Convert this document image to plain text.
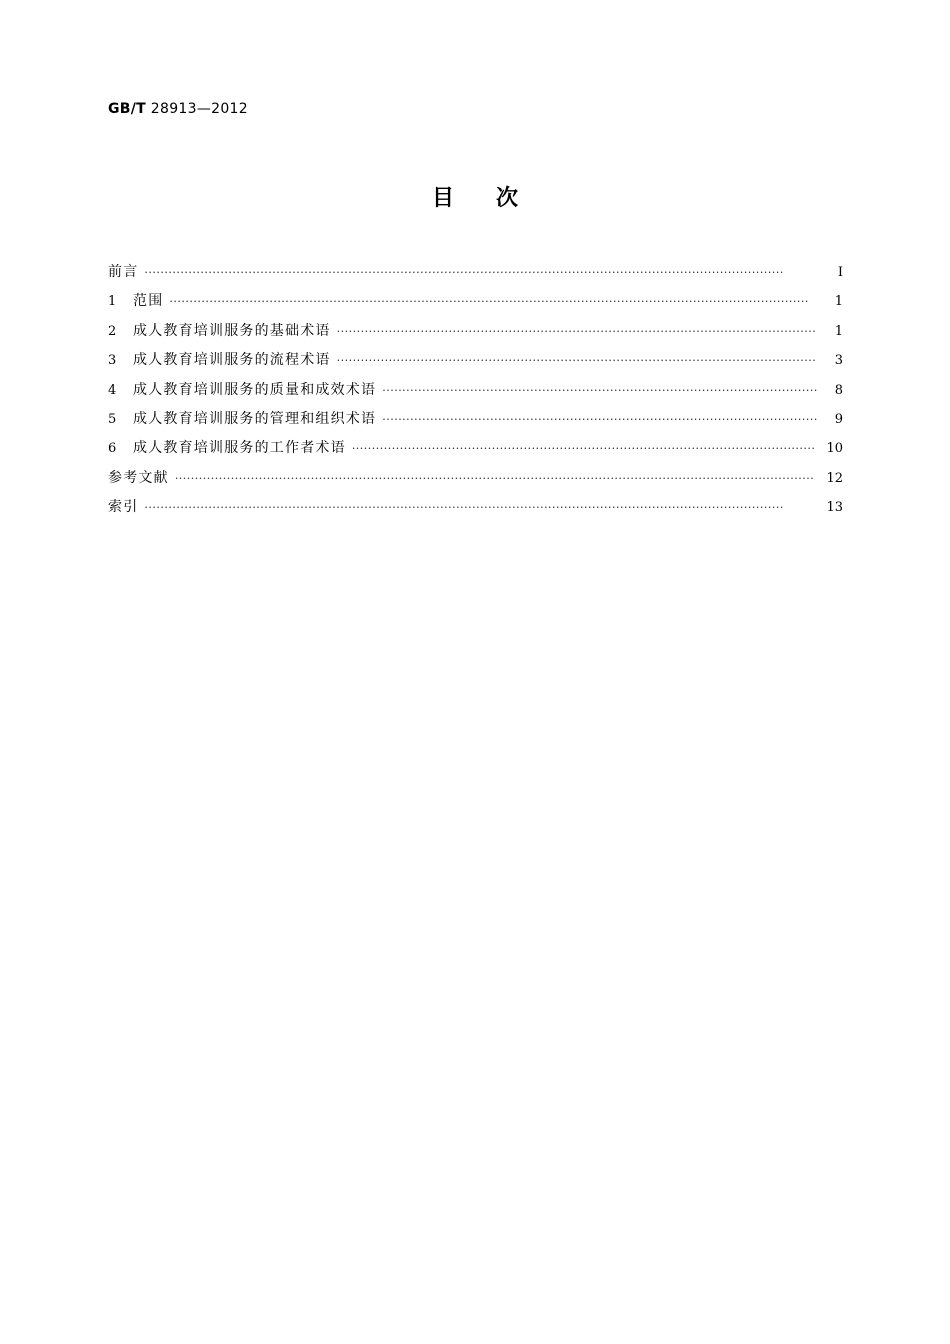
GB/T 28913—2012
目 次
前言 ·····	Ⅰ
1	范围 ·····	1
2	成人教育培训服务的基础术语 ·····	1
3	成人教育培训服务的流程术语 ·····	3
4	成人教育培训服务的质量和成效术语 ·····	8
5	成人教育培训服务的管理和组织术语 ·····	9
6	成人教育培训服务的工作者术语 ·····	10
参考文献 ·····	12
索引 ·····	13
